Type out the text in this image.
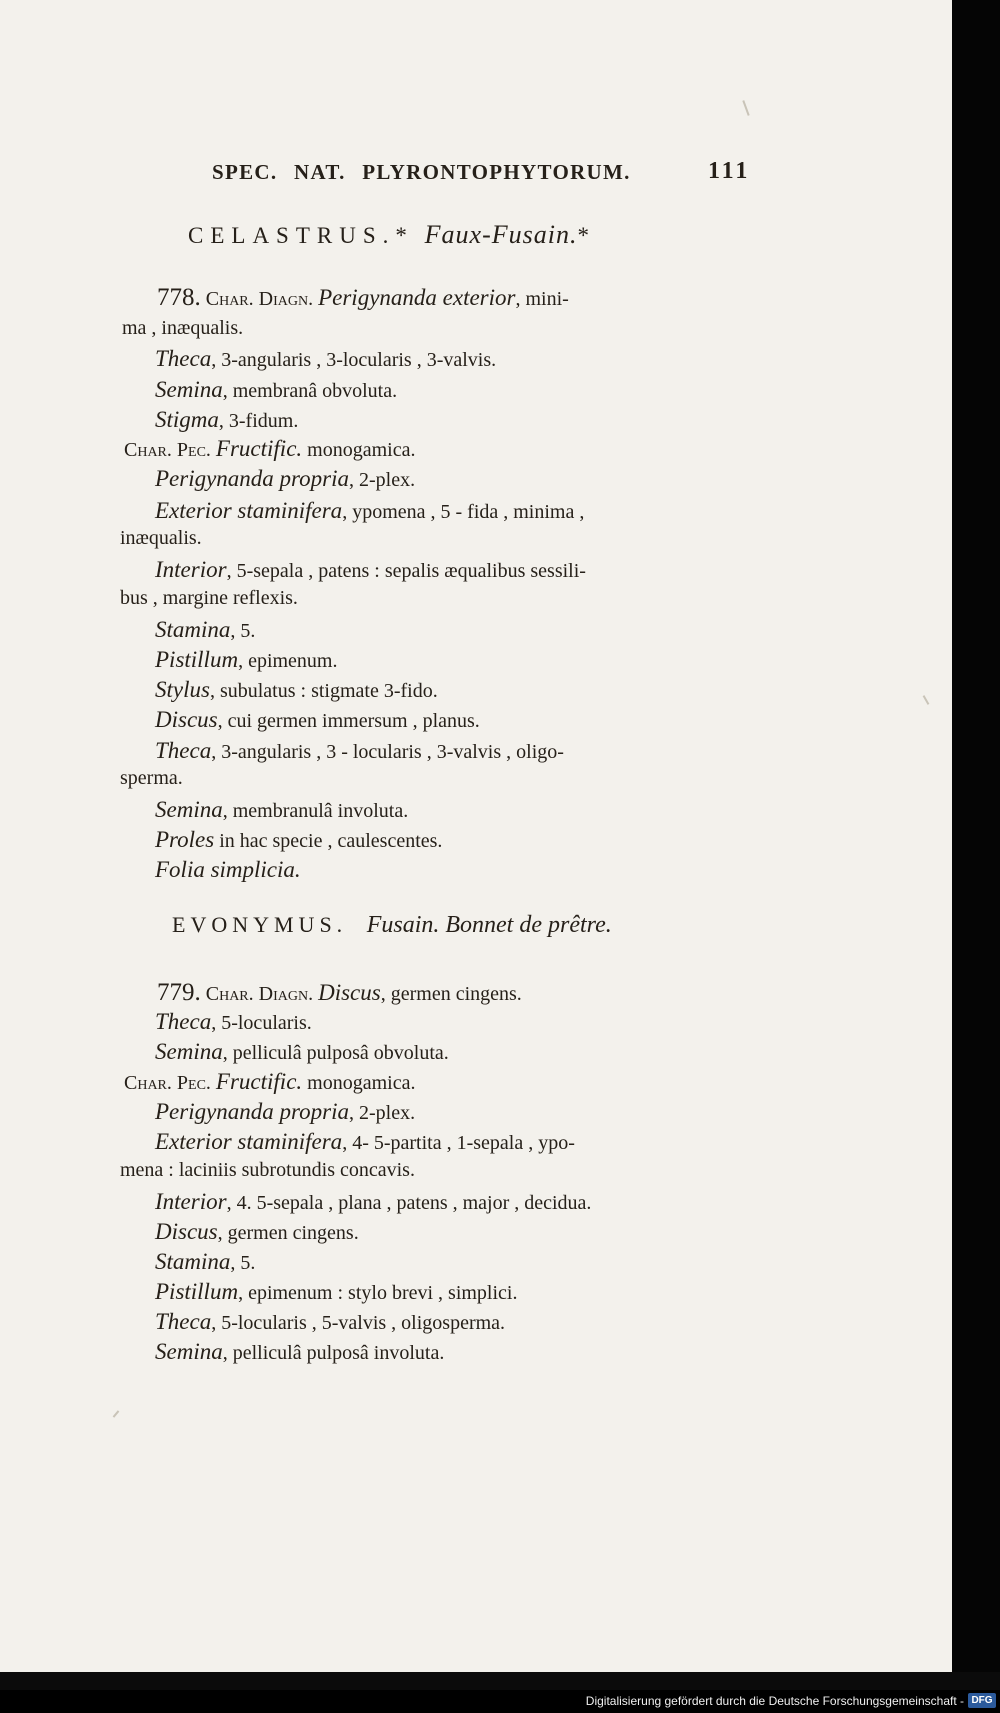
SPEC. NAT. PLYRONTOPHYTORUM.	111
CELASTRUS.* Faux-Fusain.*
778. Char. Diagn. Perigynanda exterior, mini-
ma , inæqualis.
Theca, 3-angularis , 3-locularis , 3-valvis.
Semina, membranâ obvoluta.
Stigma, 3-fidum.
Char. Pec. Fructific. monogamica.
Perigynanda propria, 2-plex.
Exterior staminifera, ypomena , 5 - fida , minima ,
inæqualis.
Interior, 5-sepala , patens : sepalis æqualibus sessili-
bus , margine reflexis.
Stamina, 5.
Pistillum, epimenum.
Stylus, subulatus : stigmate 3-fido.
Discus, cui germen immersum , planus.
Theca, 3-angularis , 3 - locularis , 3-valvis , oligo-
sperma.
Semina, membranulâ involuta.
Proles in hac specie , caulescentes.
Folia simplicia.
EVONYMUS. Fusain. Bonnet de prêtre.
779. Char. Diagn. Discus, germen cingens.
Theca, 5-locularis.
Semina, pelliculâ pulposâ obvoluta.
Char. Pec. Fructific. monogamica.
Perigynanda propria, 2-plex.
Exterior staminifera, 4- 5-partita , 1-sepala , ypo-
mena : laciniis subrotundis concavis.
Interior, 4. 5-sepala , plana , patens , major , decidua.
Discus, germen cingens.
Stamina, 5.
Pistillum, epimenum : stylo brevi , simplici.
Theca, 5-locularis , 5-valvis , oligosperma.
Semina, pelliculâ pulposâ involuta.
Digitalisierung gefördert durch die Deutsche Forschungsgemeinschaft - DFG
